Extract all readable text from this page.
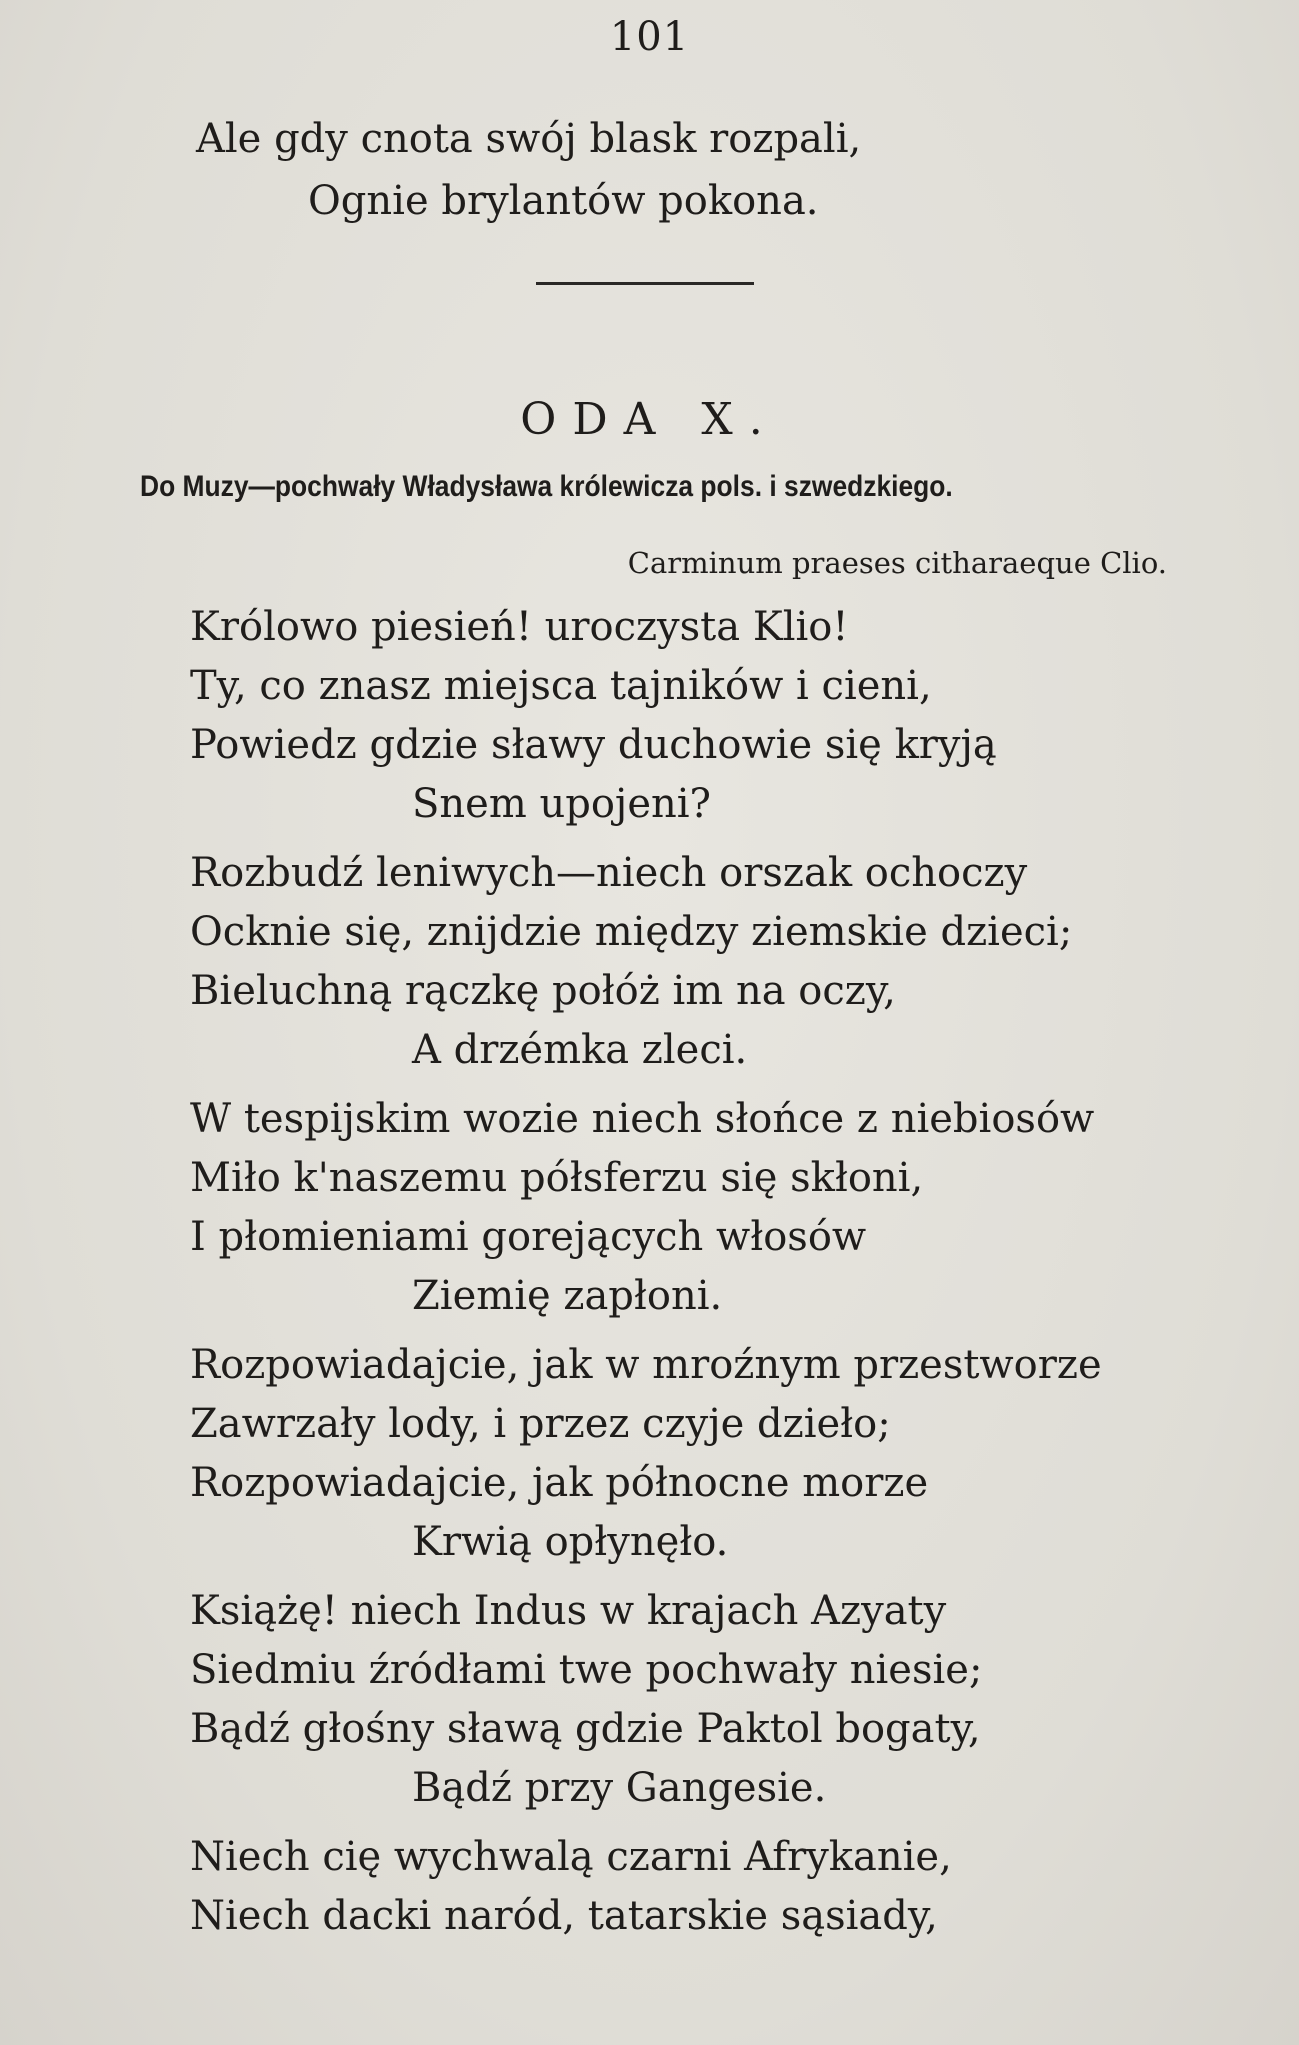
101
Ale gdy cnota swój blask rozpali,
Ognie brylantów pokona.
ODA X.
Do Muzy—pochwały Władysława królewicza pols. i szwedzkiego.
Carminum praeses citharaeque Clio.
Królowo piesień! uroczysta Klio!
Ty, co znasz miejsca tajników i cieni,
Powiedz gdzie sławy duchowie się kryją
Snem upojeni?
Rozbudź leniwych—niech orszak ochoczy
Ocknie się, znijdzie między ziemskie dzieci;
Bieluchną rączkę połóż im na oczy,
A drzémka zleci.
W tespijskim wozie niech słońce z niebiosów
Miło k'naszemu półsferzu się skłoni,
I płomieniami gorejących włosów
Ziemię zapłoni.
Rozpowiadajcie, jak w mroźnym przestworze
Zawrzały lody, i przez czyje dzieło;
Rozpowiadajcie, jak północne morze
Krwią opłynęło.
Książę! niech Indus w krajach Azyaty
Siedmiu źródłami twe pochwały niesie;
Bądź głośny sławą gdzie Paktol bogaty,
Bądź przy Gangesie.
Niech cię wychwalą czarni Afrykanie,
Niech dacki naród, tatarskie sąsiady,
